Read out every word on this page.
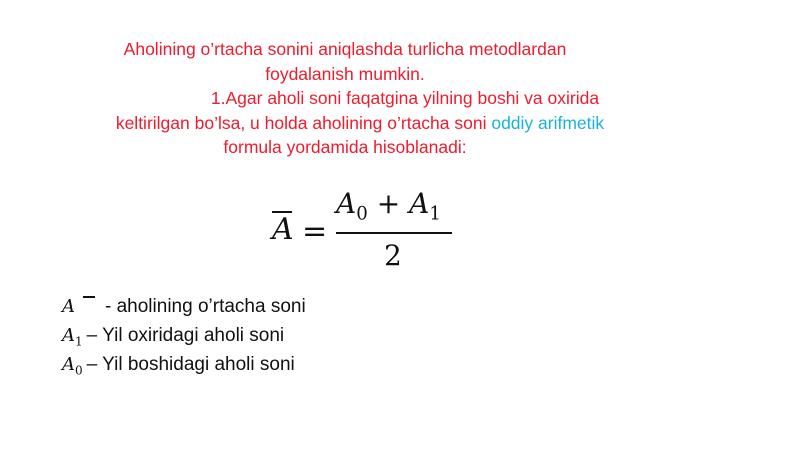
Aholining o’rtacha sonini aniqlashda turlicha metodlardan

foydalanish mumkin.

1.Agar aholi soni faqatgina yilning boshi va oxirida

keltirilgan bo’lsa, u holda aholining o’rtacha soni oddiy arifmetik

formula yordamida hisoblanadi:

A =
$A_0 + A_1$
2
A - aholining o’rtacha soni
$A_1$ – Yil oxiridagi aholi soni
$A_0$ – Yil boshidagi aholi soni
